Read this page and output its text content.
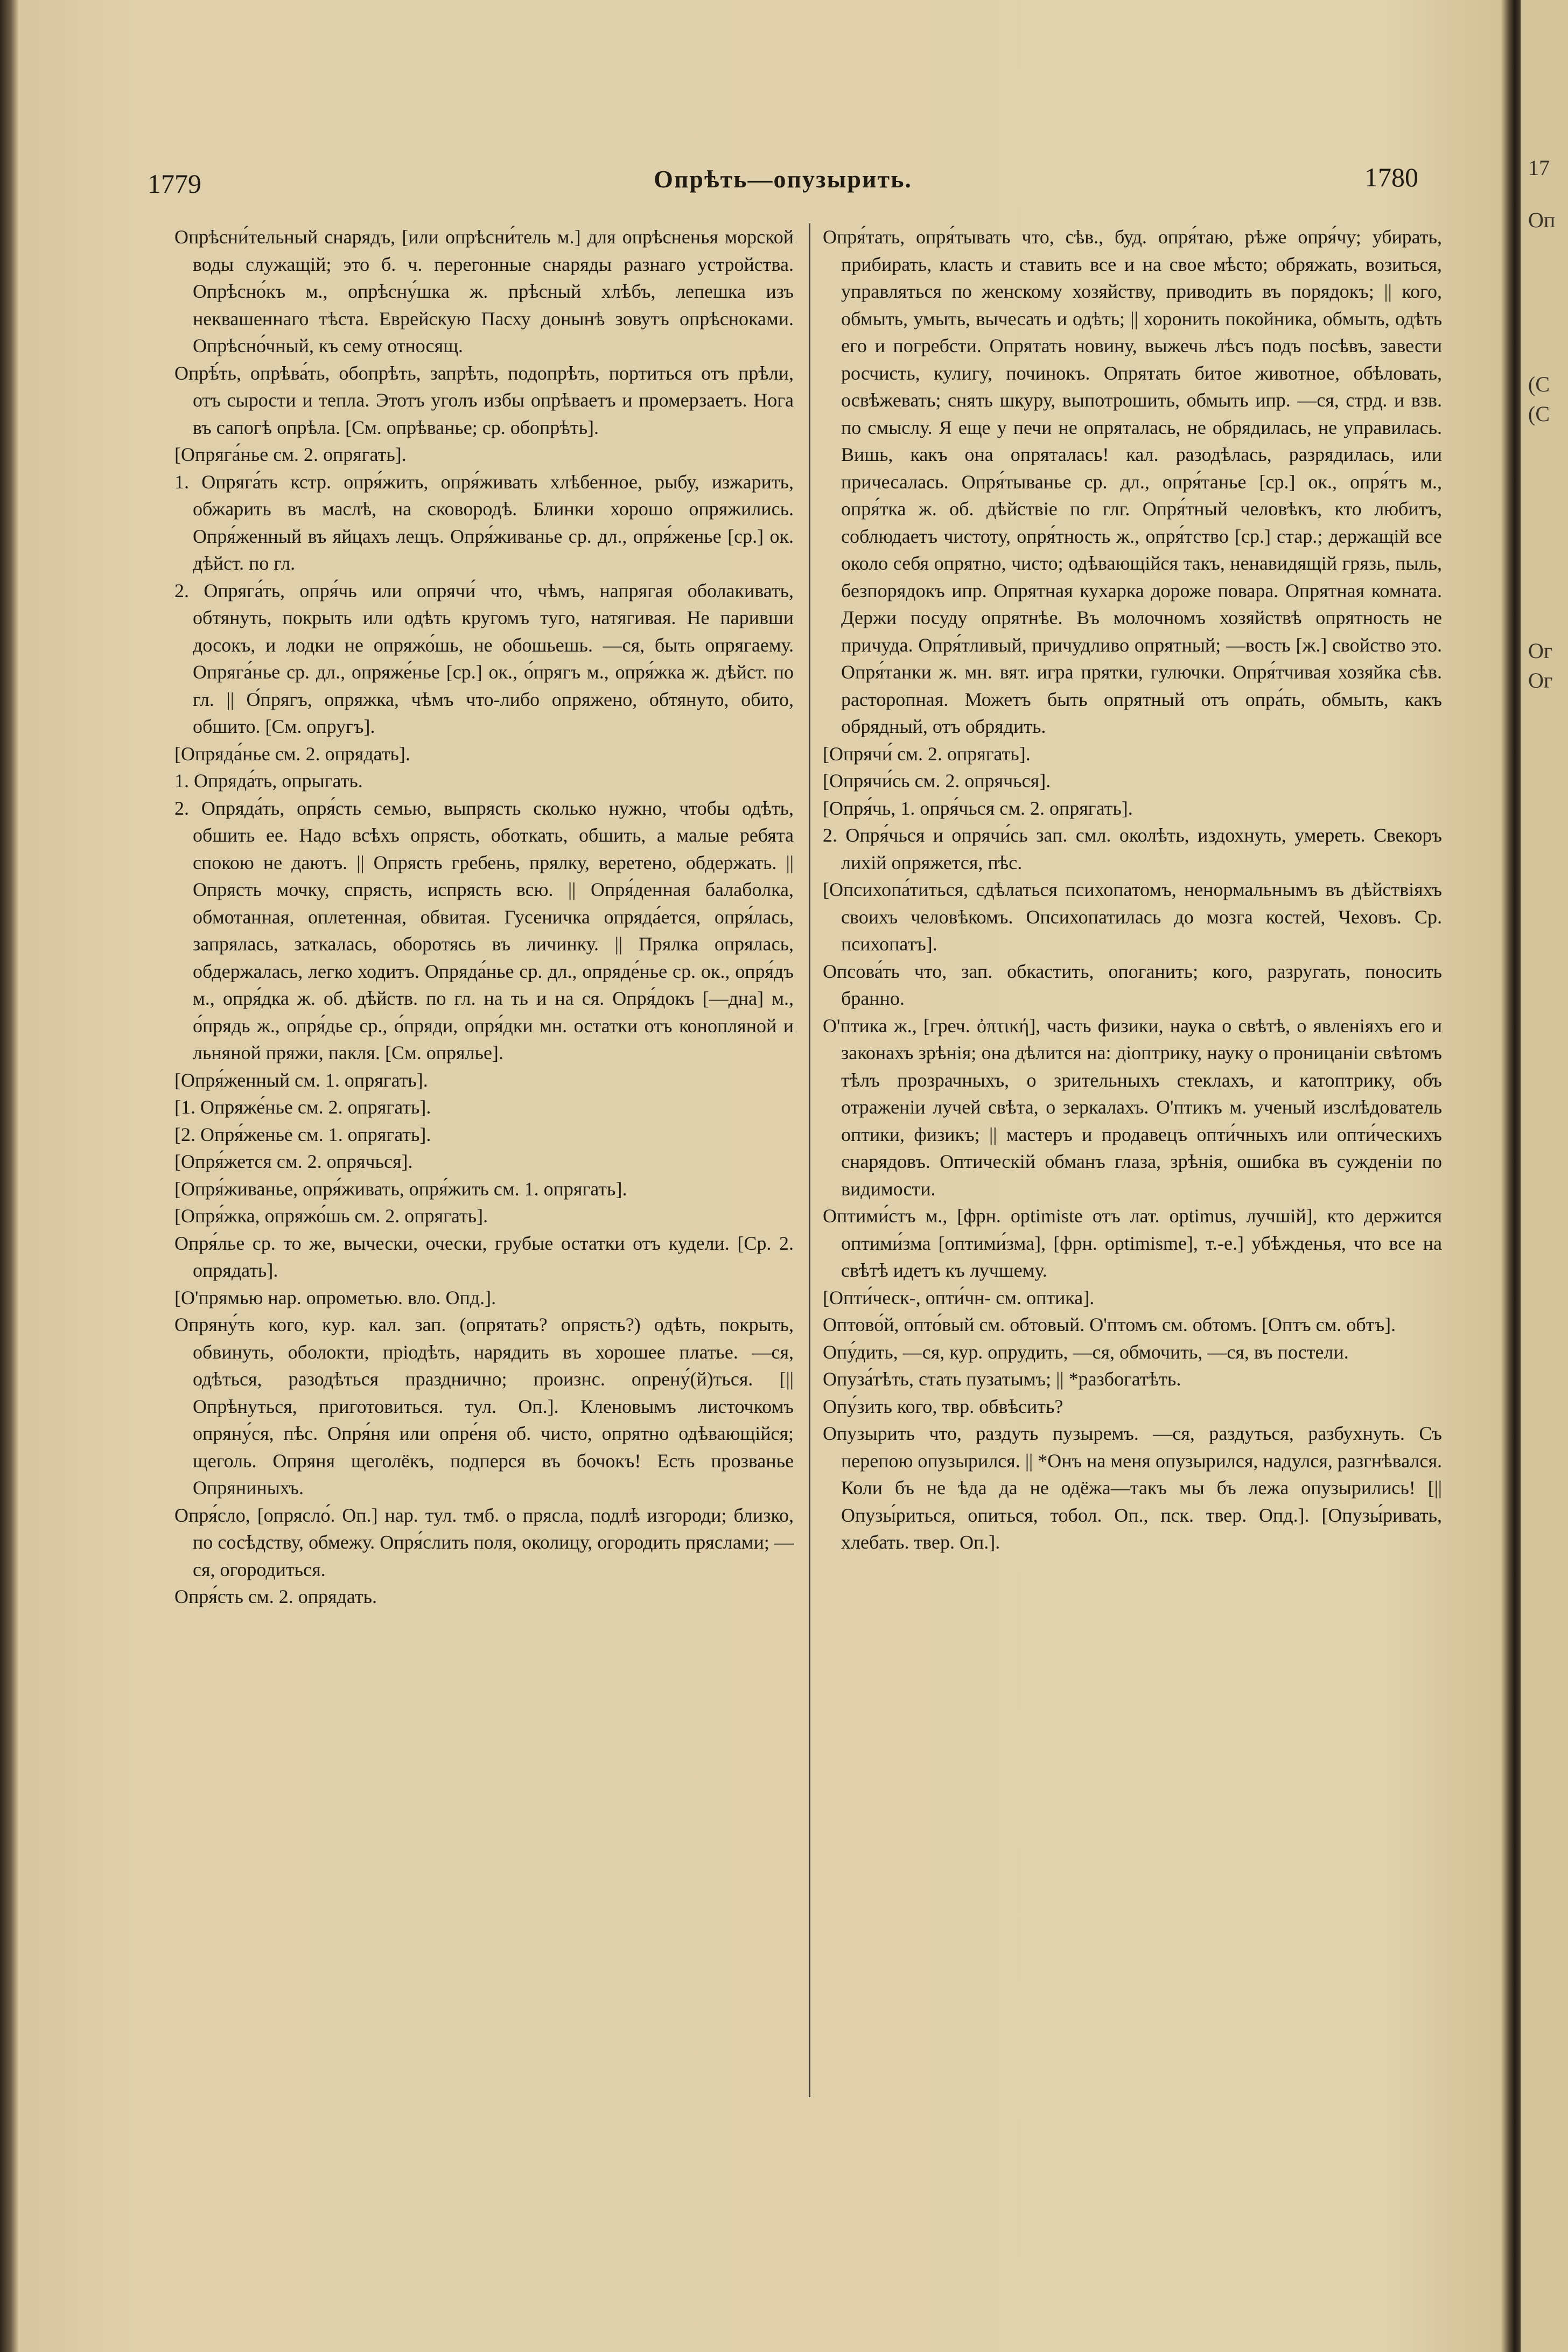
1779	Опрѣть—опузырить.	1780

Опрѣсни́тельный снарядъ, [или опрѣсни́тель м.] для опрѣсненья морской воды служащій; это б. ч. перегонные снаряды разнаго устройства. Опрѣсно́къ м., опрѣсну́шка ж. прѣсный хлѣбъ, лепешка изъ неквашеннаго тѣста. Еврейскую Пасху донынѣ зовутъ опрѣсноками. Опрѣсно́чный, къ сему относящ.

Опрѣ́ть, опрѣва́ть, обопрѣть, запрѣть, подопрѣть, портиться отъ прѣли, отъ сырости и тепла. Этотъ уголъ избы опрѣваетъ и промерзаетъ. Нога въ сапогѣ опрѣла. [См. опрѣванье; ср. обопрѣть].

[Опряга́нье см. 2. опрягать].

1. Опряга́ть кстр. опря́жить, опря́живать хлѣбенное, рыбу, изжарить, обжарить въ маслѣ, на сковородѣ. Блинки хорошо опряжились. Опря́женный въ яйцахъ лещъ. Опря́живанье ср. дл., опря́женье [ср.] ок. дѣйст. по гл.

2. Опряга́ть, опря́чь или опрячи́ что, чѣмъ, напрягая оболакивать, обтянуть, покрыть или одѣть кругомъ туго, натягивая. Не паривши досокъ, и лодки не опряжо́шь, не обошьешь. —ся, быть опрягаему. Опряга́нье ср. дл., опряже́нье [ср.] ок., о́прягъ м., опря́жка ж. дѣйст. по гл. || О́прягъ, опряжка, чѣмъ что-либо опряжено, обтянуто, обито, обшито. [См. опругъ].

[Опряда́нье см. 2. опрядать].

1. Опряда́ть, опрыгать.

2. Опряда́ть, опря́сть семью, выпрясть сколько нужно, чтобы одѣть, обшить ее. Надо всѣхъ опрясть, оботкать, обшить, а малые ребята спокою не даютъ. || Опрясть гребень, прялку, веретено, обдержать. || Опрясть мочку, спрясть, испрясть всю. || Опря́денная балаболка, обмотанная, оплетенная, обвитая. Гусеничка опряда́ется, опря́лась, запрялась, заткалась, оборотясь въ личинку. || Прялка опрялась, обдержалась, легко ходитъ. Опряда́нье ср. дл., опряде́нье ср. ок., опря́дъ м., опря́дка ж. об. дѣйств. по гл. на ть и на ся. Опря́докъ [—дна] м., о́прядь ж., опря́дье ср., о́пряди, опря́дки мн. остатки отъ конопляной и льняной пряжи, пакля. [См. опрялье].

[Опря́женный см. 1. опрягать].

[1. Опряже́нье см. 2. опрягать].

[2. Опря́женье см. 1. опрягать].

[Опря́жется см. 2. опрячься].

[Опря́живанье, опря́живать, опря́жить см. 1. опрягать].

[Опря́жка, опряжо́шь см. 2. опрягать].

Опря́лье ср. то же, вычески, очески, грубые остатки отъ кудели. [Ср. 2. опрядать].

[О'прямью нар. опрометью. вло. Опд.].

Опряну́ть кого, кур. кал. зап. (опрятать? опрясть?) одѣть, покрыть, обвинуть, оболокти, пріодѣть, нарядить въ хорошее платье. —ся, одѣться, разодѣться празднично; произнс. опрену́(й)ться. [|| Опрѣнуться, приготовиться. тул. Оп.]. Кленовымъ листочкомъ опряну́ся, пѣс. Опря́ня или опре́ня об. чисто, опрятно одѣвающійся; щеголь. Опряня щеголёкъ, подперся въ бочокъ! Есть прозванье Опряниныхъ.

Опря́сло, [опрясло́. Оп.] нар. тул. тмб. о прясла, подлѣ изгороди; близко, по сосѣдству, обмежу. Опря́слить поля, околицу, огородить пряслами; —ся, огородиться.

Опря́сть см. 2. опрядать.

Опря́тать, опря́тывать что, сѣв., буд. опря́таю, рѣже опря́чу; убирать, прибирать, класть и ставить все и на свое мѣсто; обряжать, возиться, управляться по женскому хозяйству, приводить въ порядокъ; || кого, обмыть, умыть, вычесать и одѣть; || хоронить покойника, обмыть, одѣть его и погребсти. Опрятать новину, выжечь лѣсъ подъ посѣвъ, завести росчисть, кулигу, починокъ. Опрятать битое животное, обѣловать, освѣжевать; снять шкуру, выпотрошить, обмыть ипр. —ся, стрд. и взв. по смыслу. Я еще у печи не опряталась, не обрядилась, не управилась. Вишь, какъ она опряталась! кал. разодѣлась, разрядилась, или причесалась. Опря́тыванье ср. дл., опря́танье [ср.] ок., опря́тъ м., опря́тка ж. об. дѣйствіе по глг. Опря́тный человѣкъ, кто любитъ, соблюдаетъ чистоту, опря́тность ж., опря́тство [ср.] стар.; держащій все около себя опрятно, чисто; одѣвающійся такъ, ненавидящій грязь, пыль, безпорядокъ ипр. Опрятная кухарка дороже повара. Опрятная комната. Держи посуду опрятнѣе. Въ молочномъ хозяйствѣ опрятность не причуда. Опря́тливый, причудливо опрятный; —вость [ж.] свойство это. Опря́танки ж. мн. вят. игра прятки, гулючки. Опря́тчивая хозяйка сѣв. расторопная. Можетъ быть опрятный отъ опра́ть, обмыть, какъ обрядный, отъ обрядить.

[Опрячи́ см. 2. опрягать].

[Опрячи́сь см. 2. опрячься].

[Опря́чь, 1. опря́чься см. 2. опрягать].

2. Опря́чься и опрячи́сь зап. смл. околѣть, издохнуть, умереть. Свекоръ лихій опряжется, пѣс.

[Опсихопа́титься, сдѣлаться психопатомъ, ненормальнымъ въ дѣйствіяхъ своихъ человѣкомъ. Опсихопатилась до мозга костей, Чеховъ. Ср. психопатъ].

Опсова́ть что, зап. обкастить, опоганить; кого, разругать, поносить бранно.

О'птика ж., [греч. ὀπτική], часть физики, наука о свѣтѣ, о явленіяхъ его и законахъ зрѣнія; она дѣлится на: діоптрику, науку о проницаніи свѣтомъ тѣлъ прозрачныхъ, о зрительныхъ стеклахъ, и катоптрику, объ отраженіи лучей свѣта, о зеркалахъ. О'птикъ м. ученый изслѣдователь оптики, физикъ; || мастеръ и продавецъ опти́чныхъ или опти́ческихъ снарядовъ. Оптическій обманъ глаза, зрѣнія, ошибка въ сужденіи по видимости.

Оптими́стъ м., [фрн. optimiste отъ лат. optimus, лучшій], кто держится оптими́зма [оптими́зма], [фрн. optimisme], т.-е.] убѣжденья, что все на свѣтѣ идетъ къ лучшему.

[Опти́ческ-, опти́чн- см. оптика].

Оптово́й, опто́вый см. обтовый. О'птомъ см. обтомъ. [Оптъ см. обтъ].

Опу́дить, —ся, кур. опрудить, —ся, обмочить, —ся, въ постели.

Опуза́тѣть, стать пузатымъ; || *разбогатѣть.

Опу́зить кого, твр. обвѣсить?

Опузырить что, раздуть пузыремъ. —ся, раздуться, разбухнуть. Съ перепою опузырился. || *Онъ на меня опузырился, надулся, разгнѣвался. Коли бъ не ѣда да не одёжа—такъ мы бъ лежа опузырились! [|| Опузы́риться, опиться, тобол. Оп., пск. твер. Опд.]. [Опузы́ривать, хлебать. твер. Оп.].

17
Оп
(С
(С
Ог
Ог
